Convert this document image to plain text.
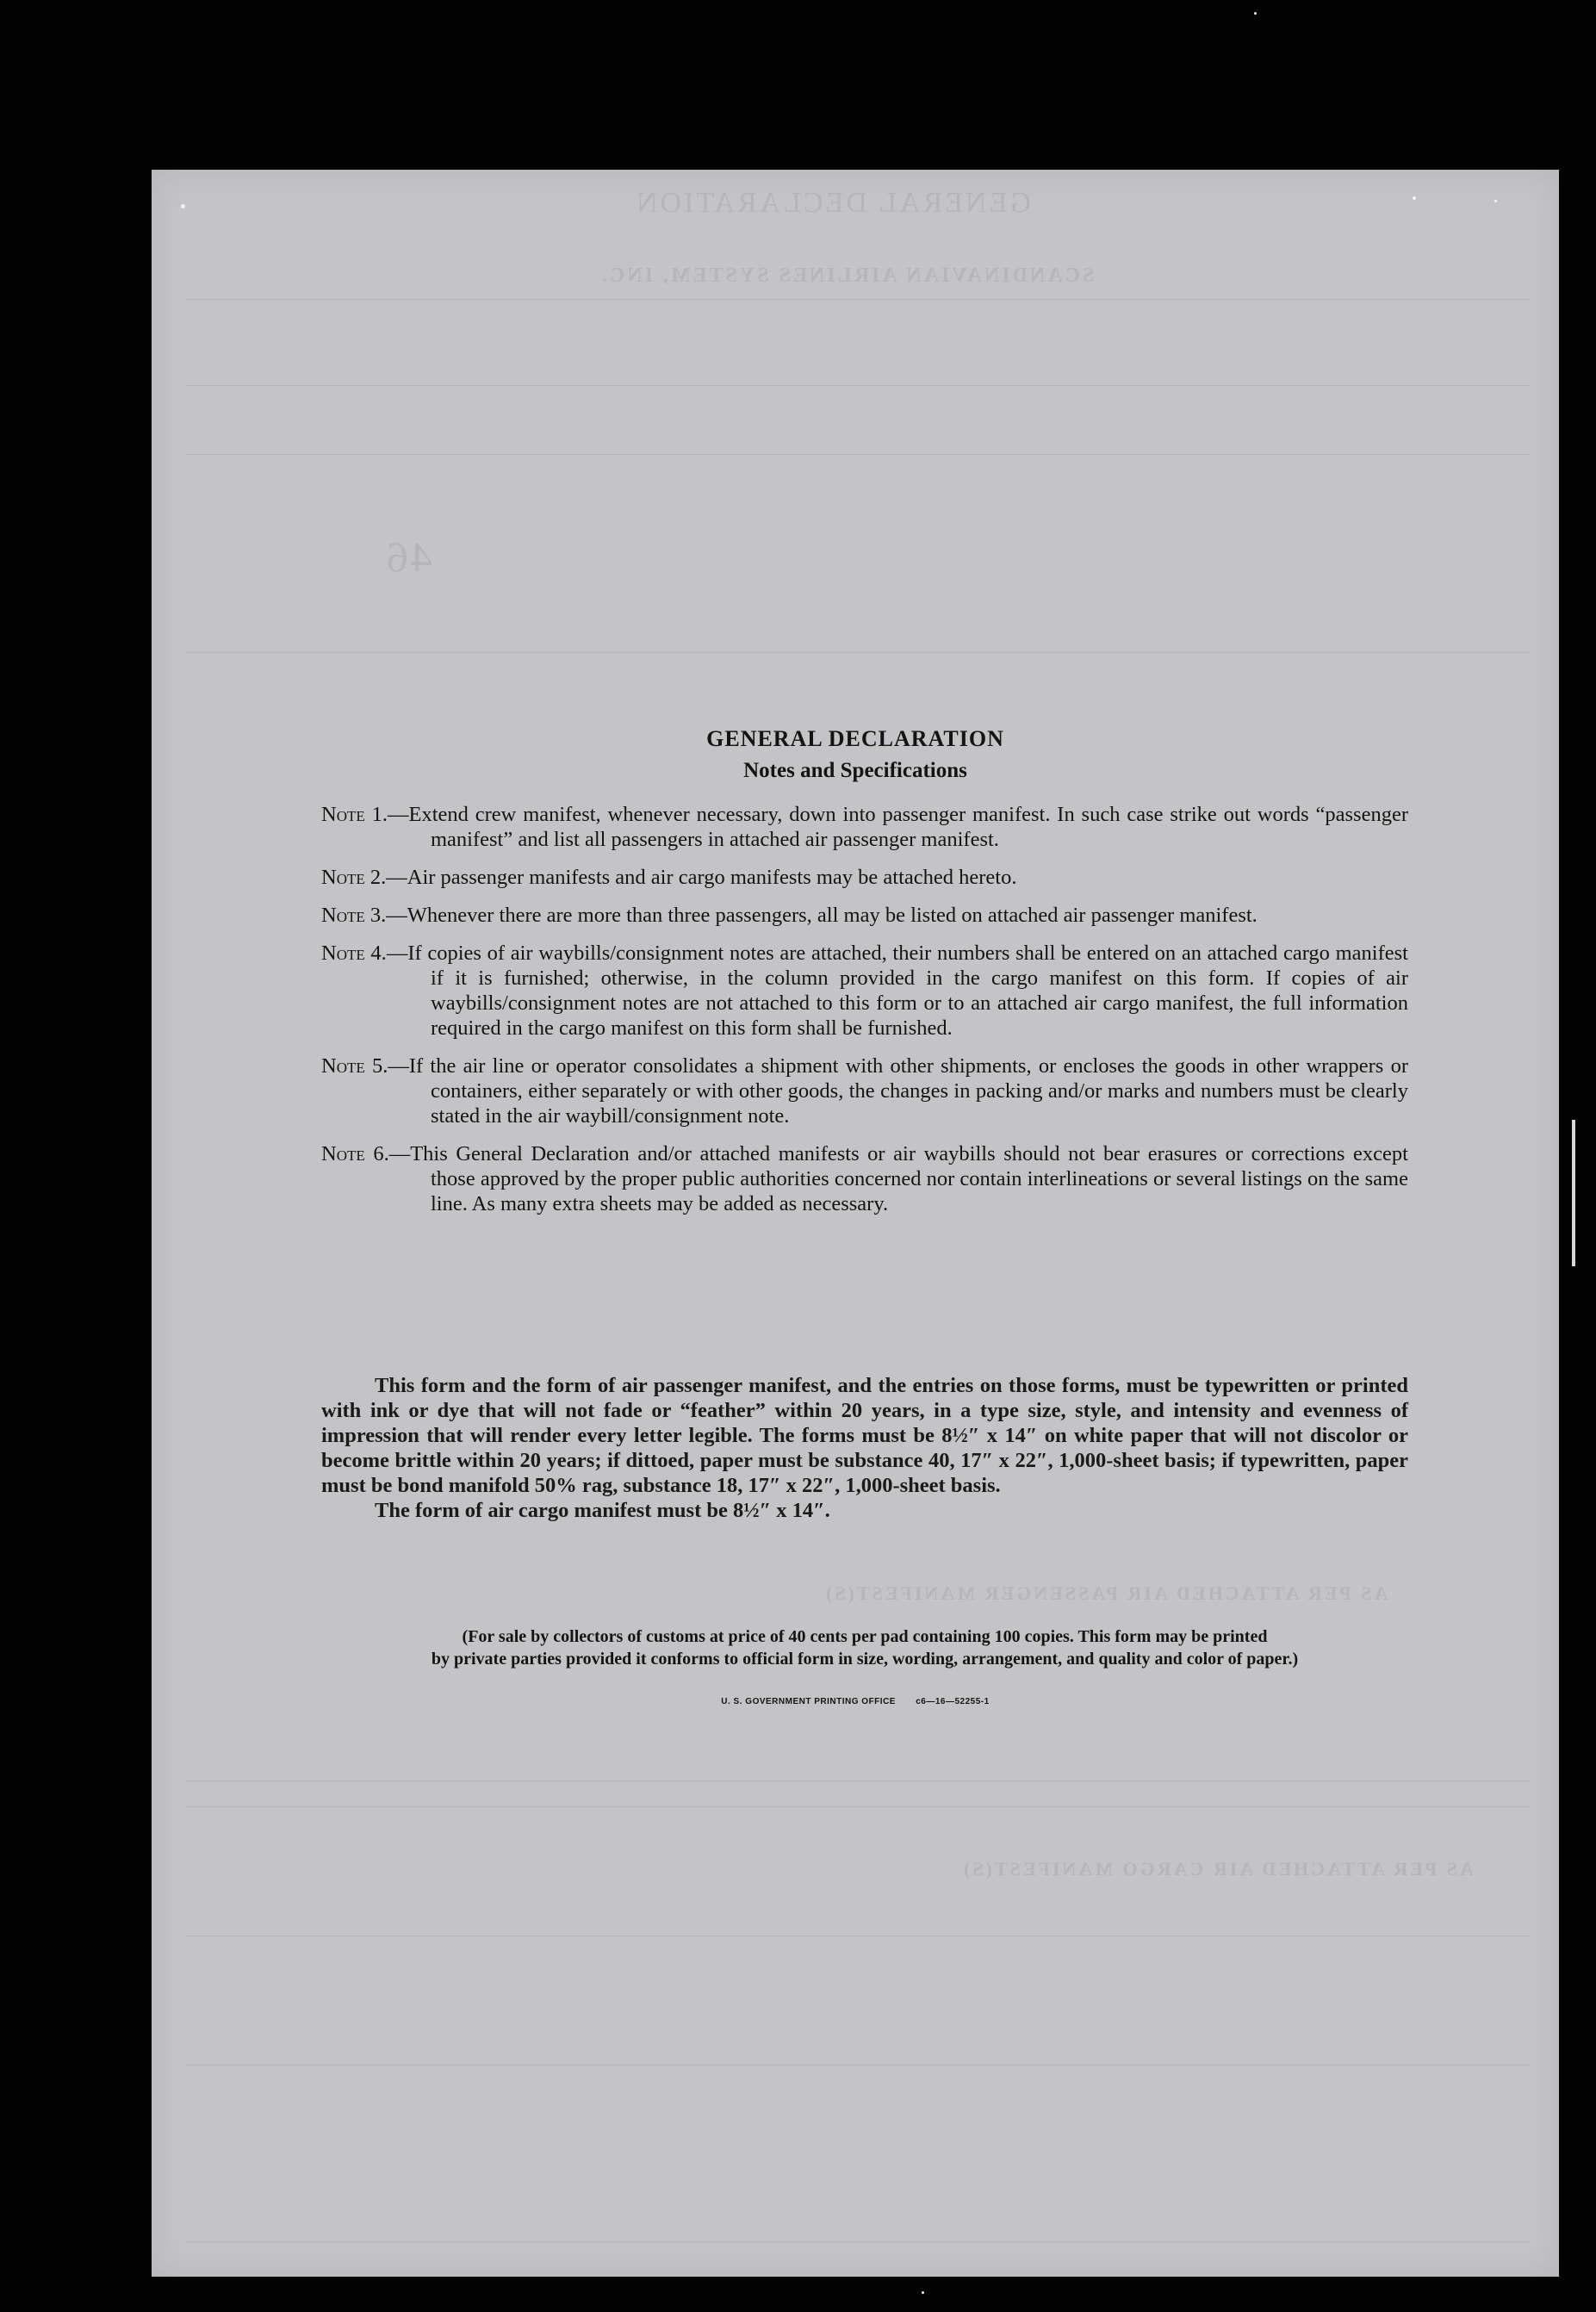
GENERAL DECLARATION
SCANDINAVIAN AIRLINES SYSTEM, INC.
46
AS PER ATTACHED AIR PASSENGER MANIFEST(S)
AS PER ATTACHED AIR CARGO MANIFEST(S)
GENERAL DECLARATION
Notes and Specifications
Note 1.—Extend crew manifest, whenever necessary, down into passenger manifest. In such case strike out words “passenger manifest” and list all passengers in attached air passenger manifest.
Note 2.—Air passenger manifests and air cargo manifests may be attached hereto.
Note 3.—Whenever there are more than three passengers, all may be listed on attached air passenger manifest.
Note 4.—If copies of air waybills/consignment notes are attached, their numbers shall be entered on an attached cargo manifest if it is furnished; otherwise, in the column provided in the cargo manifest on this form. If copies of air waybills/consignment notes are not attached to this form or to an attached air cargo manifest, the full information required in the cargo manifest on this form shall be furnished.
Note 5.—If the air line or operator consolidates a shipment with other shipments, or encloses the goods in other wrappers or containers, either separately or with other goods, the changes in packing and/or marks and numbers must be clearly stated in the air waybill/consignment note.
Note 6.—This General Declaration and/or attached manifests or air waybills should not bear erasures or corrections except those approved by the proper public authorities concerned nor contain interlineations or several listings on the same line. As many extra sheets may be added as necessary.

This form and the form of air passenger manifest, and the entries on those forms, must be typewritten or printed with ink or dye that will not fade or “feather” within 20 years, in a type size, style, and intensity and evenness of impression that will render every letter legible. The forms must be 8½″ x 14″ on white paper that will not discolor or become brittle within 20 years; if dittoed, paper must be substance 40, 17″ x 22″, 1,000-sheet basis; if typewritten, paper must be bond manifold 50% rag, substance 18, 17″ x 22″, 1,000-sheet basis.

The form of air cargo manifest must be 8½″ x 14″.

(For sale by collectors of customs at price of 40 cents per pad containing 100 copies. This form may be printed
by private parties provided it conforms to official form in size, wording, arrangement, and quality and color of paper.)
U. S. GOVERNMENT PRINTING OFFICE c6—16—52255-1
